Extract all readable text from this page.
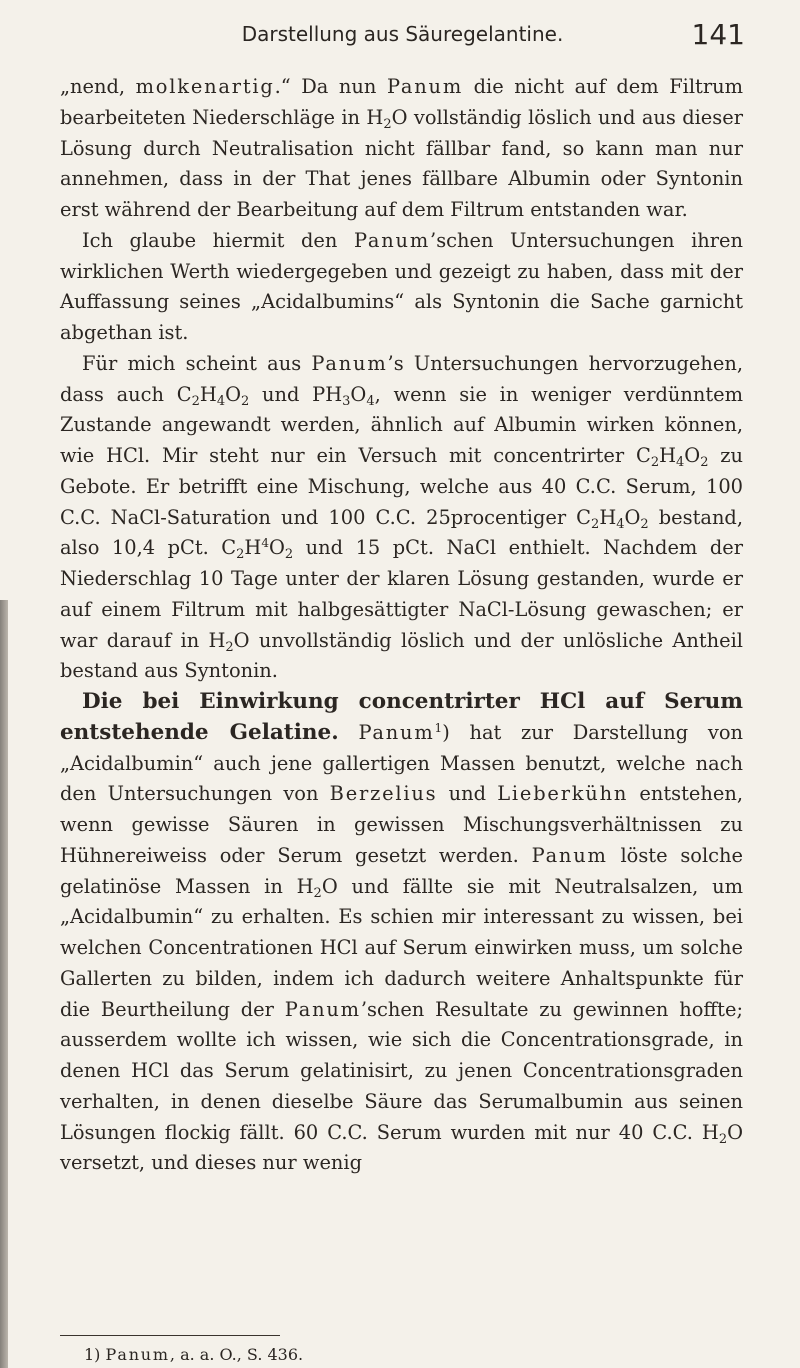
Darstellung aus Säuregelantine.	141

„nend, molkenartig.“ Da nun Panum die nicht auf dem Filtrum bearbeiteten Niederschläge in $H_2O$ vollständig löslich und aus dieser Lösung durch Neutralisation nicht fällbar fand, so kann man nur annehmen, dass in der That jenes fällbare Albumin oder Syntonin erst während der Bearbeitung auf dem Filtrum entstanden war.

Ich glaube hiermit den Panum’schen Untersuchungen ihren wirklichen Werth wiedergegeben und gezeigt zu haben, dass mit der Auffassung seines „Acidalbumins“ als Syntonin die Sache garnicht abgethan ist.

Für mich scheint aus Panum’s Untersuchungen hervorzugehen, dass auch $C_2H_4O_2$ und $PH_3O_4$, wenn sie in weniger verdünntem Zustande angewandt werden, ähnlich auf Albumin wirken können, wie HCl. Mir steht nur ein Versuch mit concentrirter $C_2H_4O_2$ zu Gebote. Er betrifft eine Mischung, welche aus 40 C.C. Serum, 100 C.C. NaCl-Saturation und 100 C.C. 25procentiger $C_2H_4O_2$ bestand, also 10,4 pCt. $C_2H^4O_2$ und 15 pCt. NaCl enthielt. Nachdem der Niederschlag 10 Tage unter der klaren Lösung gestanden, wurde er auf einem Filtrum mit halbgesättigter NaCl-Lösung gewaschen; er war darauf in $H_2O$ unvollständig löslich und der unlösliche Antheil bestand aus Syntonin.

Die bei Einwirkung concentrirter HCl auf Serum entstehende Gelatine. Panum$^1$) hat zur Darstellung von „Acidalbumin“ auch jene gallertigen Massen benutzt, welche nach den Untersuchungen von Berzelius und Lieberkühn entstehen, wenn gewisse Säuren in gewissen Mischungsverhältnissen zu Hühnereiweiss oder Serum gesetzt werden. Panum löste solche gelatinöse Massen in $H_2O$ und fällte sie mit Neutralsalzen, um „Acidalbumin“ zu erhalten. Es schien mir interessant zu wissen, bei welchen Concentrationen HCl auf Serum einwirken muss, um solche Gallerten zu bilden, indem ich dadurch weitere Anhaltspunkte für die Beurtheilung der Panum’schen Resultate zu gewinnen hoffte; ausserdem wollte ich wissen, wie sich die Concentrationsgrade, in denen HCl das Serum gelatinisirt, zu jenen Concentrationsgraden verhalten, in denen dieselbe Säure das Serumalbumin aus seinen Lösungen flockig fällt. 60 C.C. Serum wurden mit nur 40 C.C. $H_2O$ versetzt, und dieses nur wenig

1) Panum, a. a. O., S. 436.
